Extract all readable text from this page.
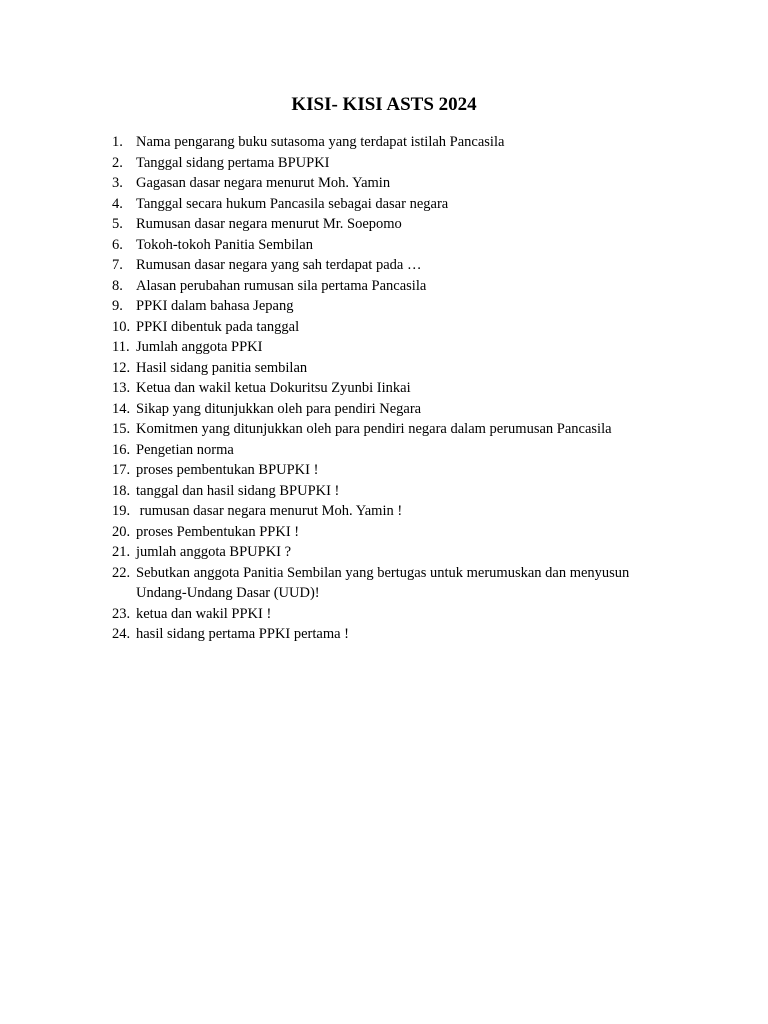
KISI- KISI ASTS 2024
1. Nama pengarang buku sutasoma yang terdapat istilah Pancasila
2. Tanggal sidang pertama BPUPKI
3. Gagasan dasar negara menurut Moh. Yamin
4. Tanggal secara hukum Pancasila sebagai dasar negara
5. Rumusan dasar negara menurut Mr. Soepomo
6. Tokoh-tokoh Panitia Sembilan
7. Rumusan dasar negara yang sah terdapat pada …
8. Alasan perubahan rumusan sila pertama Pancasila
9. PPKI dalam bahasa Jepang
10. PPKI dibentuk pada tanggal
11. Jumlah anggota PPKI
12. Hasil sidang panitia sembilan
13. Ketua dan wakil ketua Dokuritsu Zyunbi Iinkai
14. Sikap yang ditunjukkan oleh para pendiri Negara
15. Komitmen yang ditunjukkan oleh para pendiri negara dalam perumusan Pancasila
16. Pengetian norma
17. proses pembentukan BPUPKI !
18. tanggal dan hasil sidang BPUPKI !
19. rumusan dasar negara menurut Moh. Yamin !
20. proses Pembentukan PPKI !
21. jumlah anggota BPUPKI ?
22. Sebutkan anggota Panitia Sembilan yang bertugas untuk merumuskan dan menyusun Undang-Undang Dasar (UUD)!
23. ketua dan wakil PPKI !
24. hasil sidang pertama PPKI pertama !
